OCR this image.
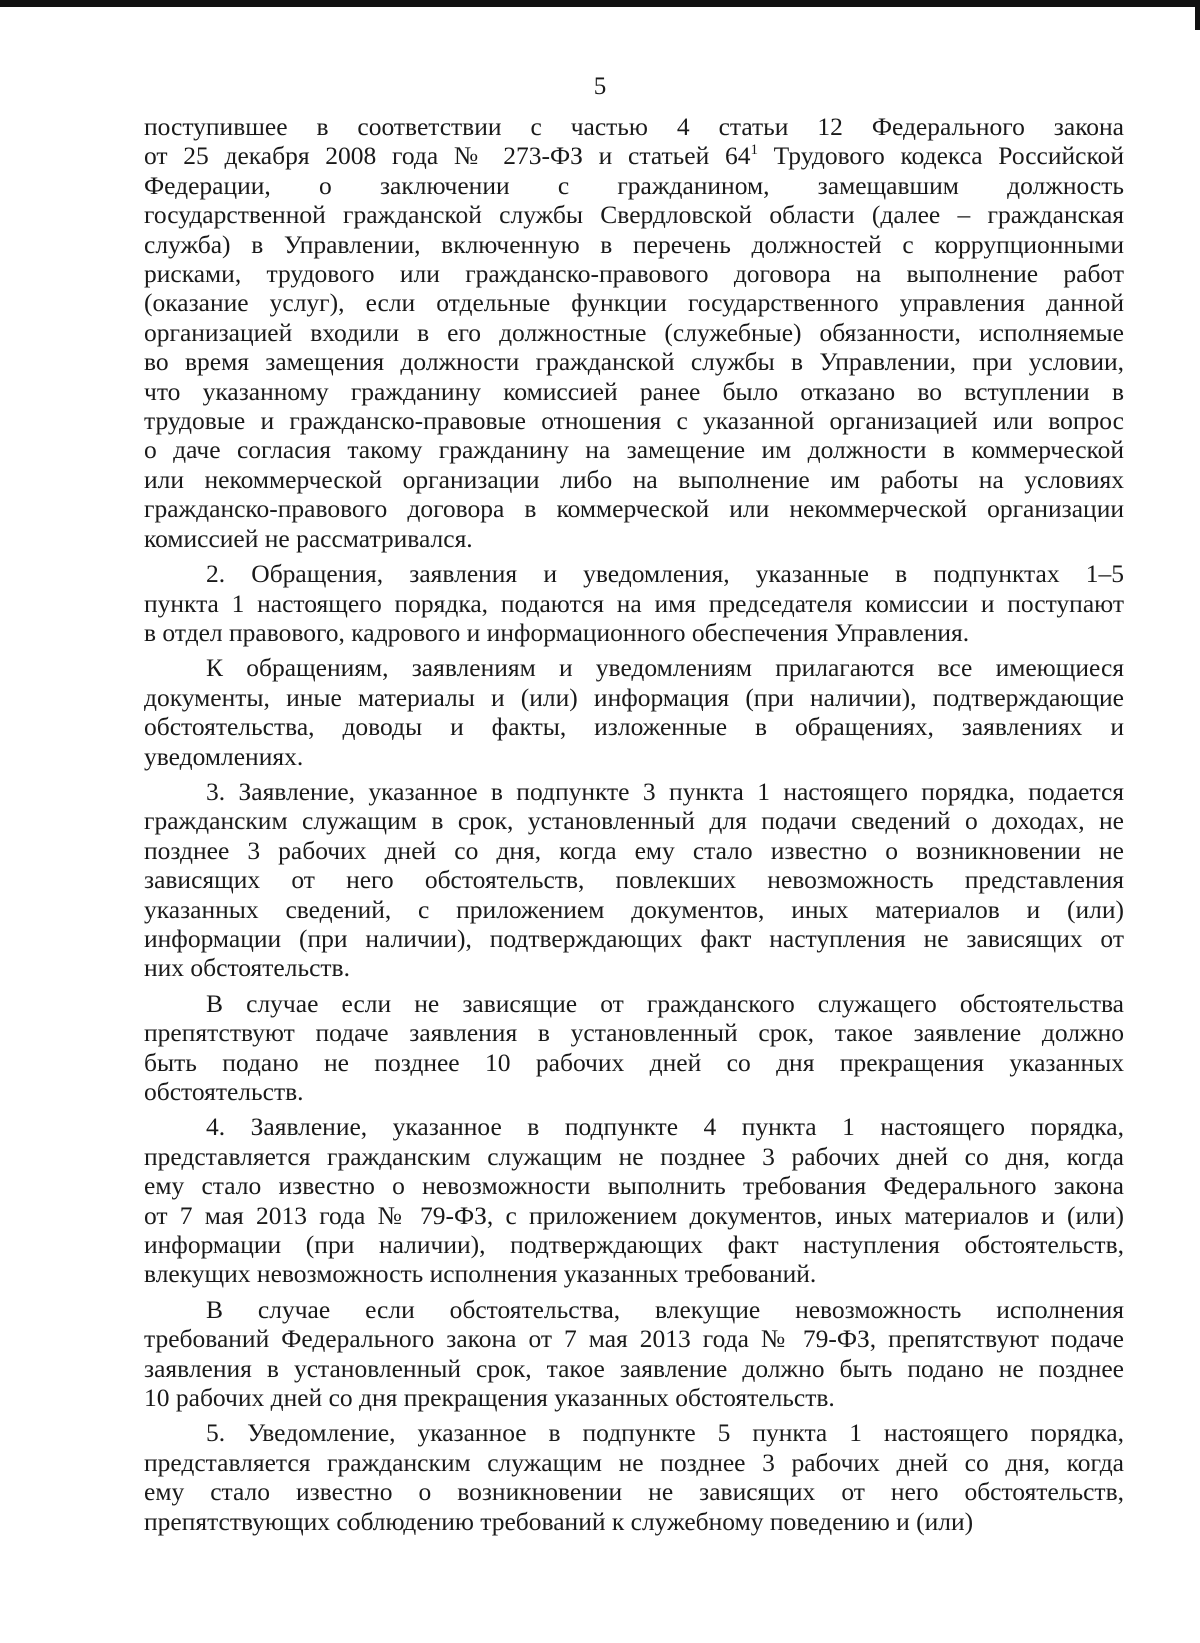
5
поступившее в соответствии с частью 4 статьи 12 Федерального закона
от 25 декабря 2008 года № 273-ФЗ и статьей $64^1$ Трудового кодекса Российской
Федерации, о заключении с гражданином, замещавшим должность
государственной гражданской службы Свердловской области (далее – гражданская
служба) в Управлении, включенную в перечень должностей с коррупционными
рисками, трудового или гражданско-правового договора на выполнение работ
(оказание услуг), если отдельные функции государственного управления данной
организацией входили в его должностные (служебные) обязанности, исполняемые
во время замещения должности гражданской службы в Управлении, при условии,
что указанному гражданину комиссией ранее было отказано во вступлении в
трудовые и гражданско-правовые отношения с указанной организацией или вопрос
о даче согласия такому гражданину на замещение им должности в коммерческой
или некоммерческой организации либо на выполнение им работы на условиях
гражданско-правового договора в коммерческой или некоммерческой организации
комиссией не рассматривался.
2. Обращения, заявления и уведомления, указанные в подпунктах 1–5
пункта 1 настоящего порядка, подаются на имя председателя комиссии и поступают
в отдел правового, кадрового и информационного обеспечения Управления.
К обращениям, заявлениям и уведомлениям прилагаются все имеющиеся
документы, иные материалы и (или) информация (при наличии), подтверждающие
обстоятельства, доводы и факты, изложенные в обращениях, заявлениях и
уведомлениях.
3. Заявление, указанное в подпункте 3 пункта 1 настоящего порядка, подается
гражданским служащим в срок, установленный для подачи сведений о доходах, не
позднее 3 рабочих дней со дня, когда ему стало известно о возникновении не
зависящих от него обстоятельств, повлекших невозможность представления
указанных сведений, с приложением документов, иных материалов и (или)
информации (при наличии), подтверждающих факт наступления не зависящих от
них обстоятельств.
В случае если не зависящие от гражданского служащего обстоятельства
препятствуют подаче заявления в установленный срок, такое заявление должно
быть подано не позднее 10 рабочих дней со дня прекращения указанных
обстоятельств.
4. Заявление, указанное в подпункте 4 пункта 1 настоящего порядка,
представляется гражданским служащим не позднее 3 рабочих дней со дня, когда
ему стало известно о невозможности выполнить требования Федерального закона
от 7 мая 2013 года № 79-ФЗ, с приложением документов, иных материалов и (или)
информации (при наличии), подтверждающих факт наступления обстоятельств,
влекущих невозможность исполнения указанных требований.
В случае если обстоятельства, влекущие невозможность исполнения
требований Федерального закона от 7 мая 2013 года № 79-ФЗ, препятствуют подаче
заявления в установленный срок, такое заявление должно быть подано не позднее
10 рабочих дней со дня прекращения указанных обстоятельств.
5. Уведомление, указанное в подпункте 5 пункта 1 настоящего порядка,
представляется гражданским служащим не позднее 3 рабочих дней со дня, когда
ему стало известно о возникновении не зависящих от него обстоятельств,
препятствующих соблюдению требований к служебному поведению и (или)
